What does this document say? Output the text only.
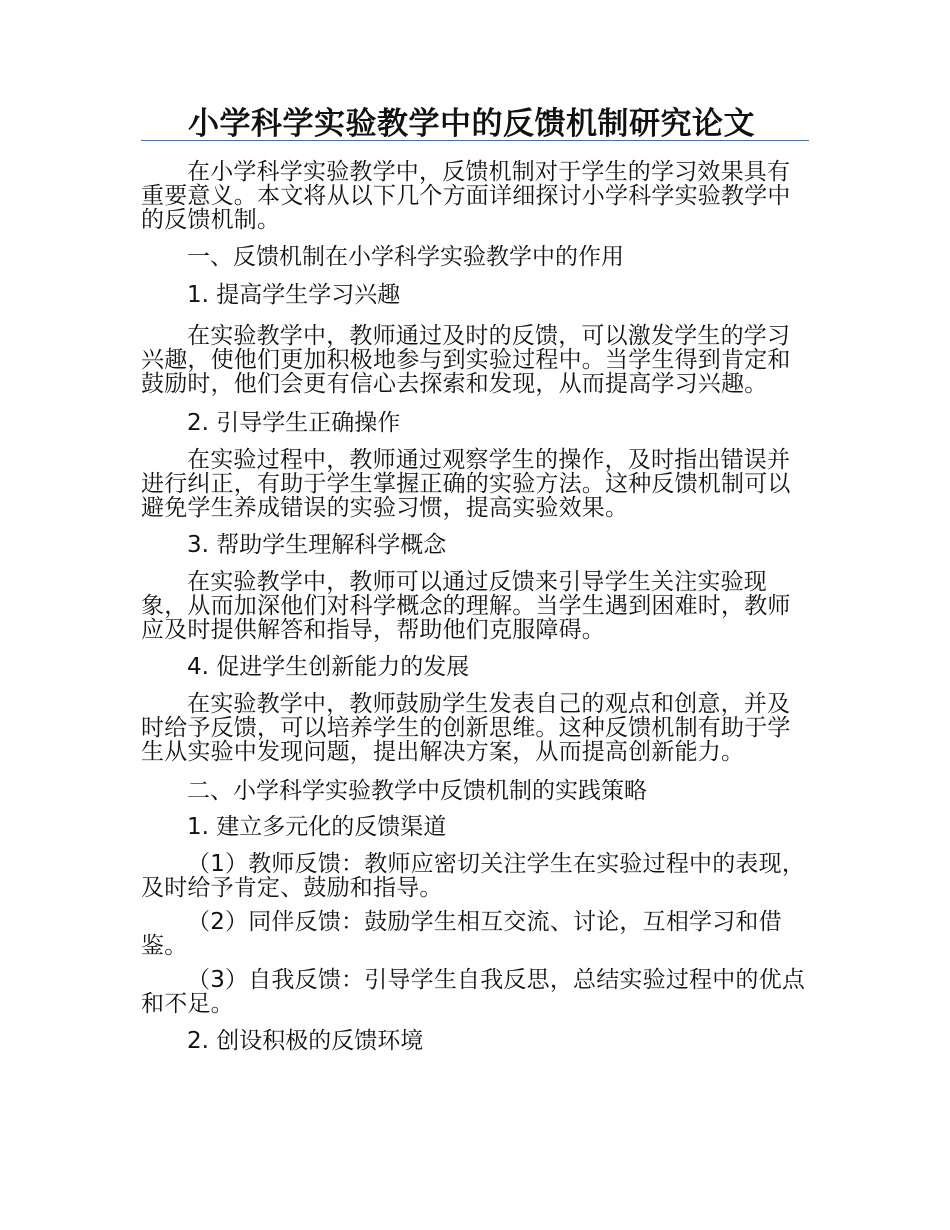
小学科学实验教学中的反馈机制研究论文

在小学科学实验教学中，反馈机制对于学生的学习效果具有重要意义。本文将从以下几个方面详细探讨小学科学实验教学中的反馈机制。

一、反馈机制在小学科学实验教学中的作用

1. 提高学生学习兴趣

在实验教学中，教师通过及时的反馈，可以激发学生的学习兴趣，使他们更加积极地参与到实验过程中。当学生得到肯定和鼓励时，他们会更有信心去探索和发现，从而提高学习兴趣。

2. 引导学生正确操作

在实验过程中，教师通过观察学生的操作，及时指出错误并进行纠正，有助于学生掌握正确的实验方法。这种反馈机制可以避免学生养成错误的实验习惯，提高实验效果。

3. 帮助学生理解科学概念

在实验教学中，教师可以通过反馈来引导学生关注实验现象，从而加深他们对科学概念的理解。当学生遇到困难时，教师应及时提供解答和指导，帮助他们克服障碍。

4. 促进学生创新能力的发展

在实验教学中，教师鼓励学生发表自己的观点和创意，并及时给予反馈，可以培养学生的创新思维。这种反馈机制有助于学生从实验中发现问题，提出解决方案，从而提高创新能力。

二、小学科学实验教学中反馈机制的实践策略

1. 建立多元化的反馈渠道

（1）教师反馈：教师应密切关注学生在实验过程中的表现，及时给予肯定、鼓励和指导。

（2）同伴反馈：鼓励学生相互交流、讨论，互相学习和借鉴。

（3）自我反馈：引导学生自我反思，总结实验过程中的优点和不足。

2. 创设积极的反馈环境
